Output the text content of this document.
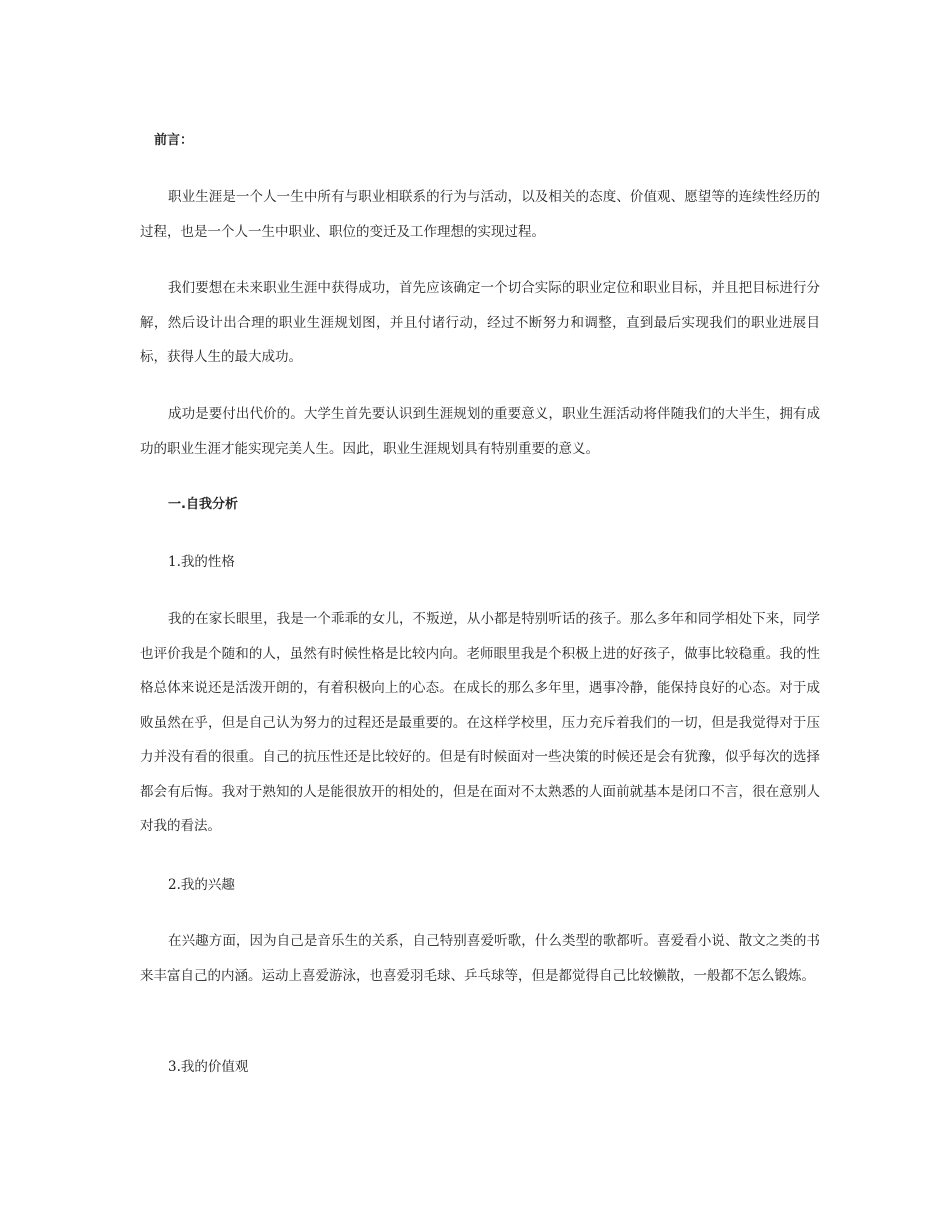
前言：

职业生涯是一个人一生中所有与职业相联系的行为与活动，以及相关的态度、价值观、愿望等的连续性经历的过程，也是一个人一生中职业、职位的变迁及工作理想的实现过程。

我们要想在未来职业生涯中获得成功，首先应该确定一个切合实际的职业定位和职业目标，并且把目标进行分解，然后设计出合理的职业生涯规划图，并且付诸行动，经过不断努力和调整，直到最后实现我们的职业进展目标，获得人生的最大成功。

成功是要付出代价的。大学生首先要认识到生涯规划的重要意义，职业生涯活动将伴随我们的大半生，拥有成功的职业生涯才能实现完美人生。因此，职业生涯规划具有特别重要的意义。

一.自我分析

1.我的性格

我的在家长眼里，我是一个乖乖的女儿，不叛逆，从小都是特别听话的孩子。那么多年和同学相处下来，同学也评价我是个随和的人，虽然有时候性格是比较内向。老师眼里我是个积极上进的好孩子，做事比较稳重。我的性格总体来说还是活泼开朗的，有着积极向上的心态。在成长的那么多年里，遇事冷静，能保持良好的心态。对于成败虽然在乎，但是自己认为努力的过程还是最重要的。在这样学校里，压力充斥着我们的一切，但是我觉得对于压力并没有看的很重。自己的抗压性还是比较好的。但是有时候面对一些决策的时候还是会有犹豫，似乎每次的选择都会有后悔。我对于熟知的人是能很放开的相处的，但是在面对不太熟悉的人面前就基本是闭口不言，很在意别人对我的看法。

2.我的兴趣

在兴趣方面，因为自己是音乐生的关系，自己特别喜爱听歌，什么类型的歌都听。喜爱看小说、散文之类的书来丰富自己的内涵。运动上喜爱游泳，也喜爱羽毛球、乒乓球等，但是都觉得自己比较懒散，一般都不怎么锻炼。

3.我的价值观
